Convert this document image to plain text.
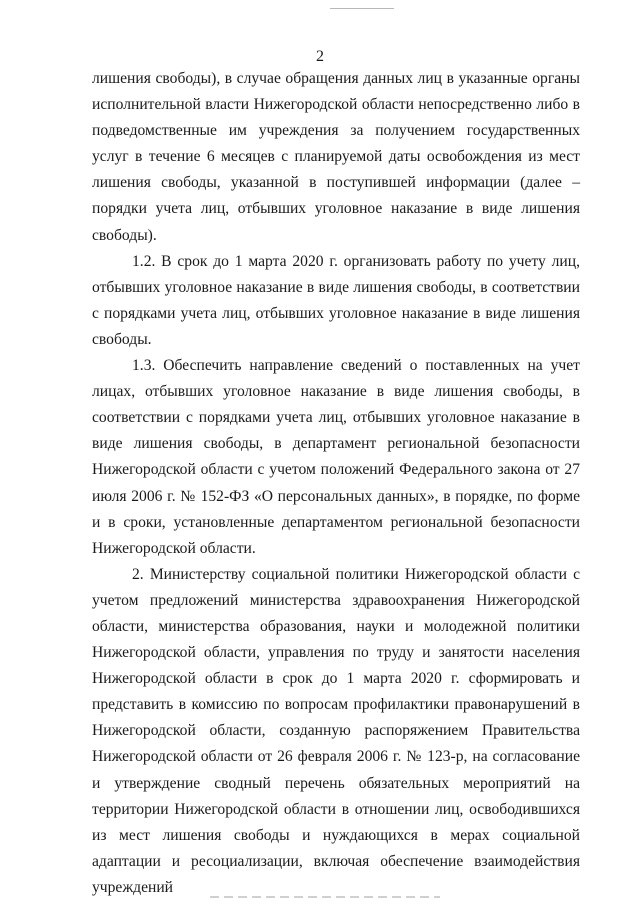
2

лишения свободы), в случае обращения данных лиц в указанные органы исполнительной власти Нижегородской области непосредственно либо в подведомственные им учреждения за получением государственных услуг в течение 6 месяцев с планируемой даты освобождения из мест лишения свободы, указанной в поступившей информации (далее – порядки учета лиц, отбывших уголовное наказание в виде лишения свободы).

1.2. В срок до 1 марта 2020 г. организовать работу по учету лиц, отбывших уголовное наказание в виде лишения свободы, в соответствии с порядками учета лиц, отбывших уголовное наказание в виде лишения свободы.

1.3. Обеспечить направление сведений о поставленных на учет лицах, отбывших уголовное наказание в виде лишения свободы, в соответствии с порядками учета лиц, отбывших уголовное наказание в виде лишения свободы, в департамент региональной безопасности Нижегородской области с учетом положений Федерального закона от 27 июля 2006 г. № 152-ФЗ «О персональных данных», в порядке, по форме и в сроки, установленные департаментом региональной безопасности Нижегородской области.

2. Министерству социальной политики Нижегородской области с учетом предложений министерства здравоохранения Нижегородской области, министерства образования, науки и молодежной политики Нижегородской области, управления по труду и занятости населения Нижегородской области в срок до 1 марта 2020 г. сформировать и представить в комиссию по вопросам профилактики правонарушений в Нижегородской области, созданную распоряжением Правительства Нижегородской области от 26 февраля 2006 г. № 123-р, на согласование и утверждение сводный перечень обязательных мероприятий на территории Нижегородской области в отношении лиц, освободившихся из мест лишения свободы и нуждающихся в мерах социальной адаптации и ресоциализации, включая обеспечение взаимодействия учреждений
